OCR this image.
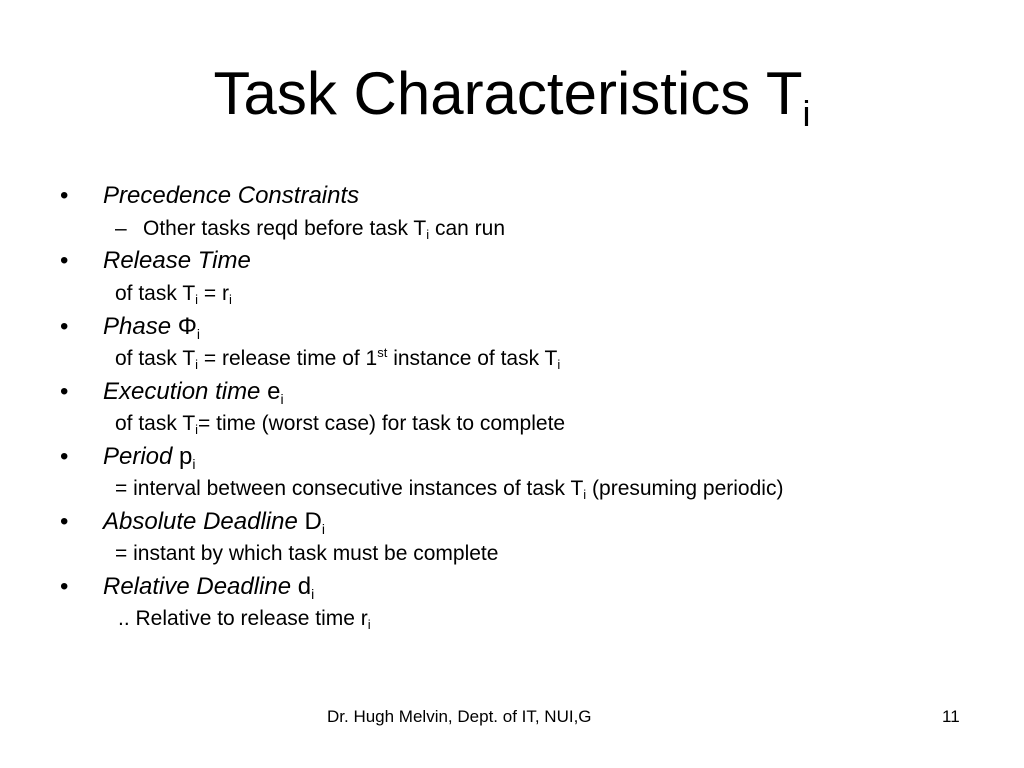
Task Characteristics $T_i$
• Precedence Constraints
– Other tasks reqd before task $T_i$ can run
• Release Time
of task $T_i = r_i$
• Phase $\Phi_i$
of task $T_i$ = release time of 1st instance of task $T_i$
• Execution time $e_i$
of task $T_i=$ time (worst case) for task to complete
• Period $p_i$
= interval between consecutive instances of task $T_i$ (presuming periodic)
• Absolute Deadline $D_i$
= instant by which task must be complete
• Relative Deadline $d_i$
.. Relative to release time $r_i$
Dr. Hugh Melvin, Dept. of IT, NUI,G	11
